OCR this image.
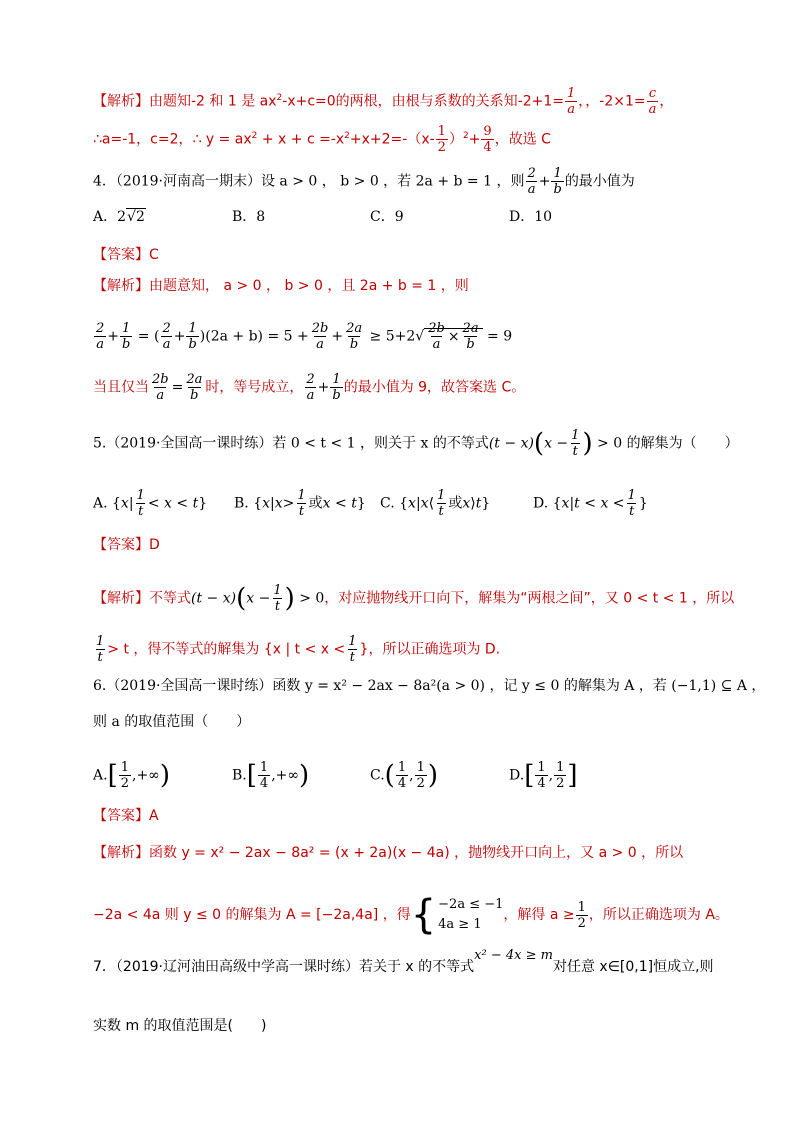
【解析】由题知-2 和 1 是 $ax^2-x+c=0$的两根，由根与系数的关系知$-2+1= \frac{1}{a}$ ，，$-2\times 1= \frac{c}{a}$ ，
∴a=-1，c=2，∴ $y = ax^2 + x + c =-x^2+x+2=-(x- \frac{1}{2} )^2+ \frac{9}{4}$ ，故选 C
4．（2019·河南高一期末）设 a > 0 ， b > 0 ，若 2a + b = 1 ，则 $\frac{2}{a} + \frac{1}{b}$ 的最小值为
A．2√2	B．8	C．9	D．10
【答案】C
【解析】由题意知， a > 0 ， b > 0 ，且 2a + b = 1 ，则
$\frac{2}{a} + \frac{1}{b}$ = ( $\frac{2}{a} + \frac{1}{b} )(2a + b) = 5 + \frac{2b}{a} + \frac{2a}{b} \ge 5+2√ \frac{2b}{a} \times \frac{2a}{b} = 9$
当且仅当 $\frac{2b}{a} = \frac{2a}{b}$ 时，等号成立， $\frac{2}{a} + \frac{1}{b}$ 的最小值为 9，故答案选 C。
5.（2019·全国高一课时练）若 0 < t < 1 ，则关于 x 的不等式$(t - x)(x - \frac{1}{t}$ ) > 0 的解集为（　　）
A. $\{x| \frac{1}{t} < x < t\}$ B. {$x|x> \frac{1}{t}$ 或x < t} C. {x|x⟨ $\frac{1}{t}$ 或x⟩t}	D. {$x|t < x < \frac{1}{t}$ }
【答案】D
【解析】不等式$(t - x)(x - \frac{1}{t}$ ) > 0，对应抛物线开口向下，解集为“两根之间”，又 0 < t < 1 ，所以
$\frac{1}{t} > t$ ，得不等式的解集为 {x | $t < x < \frac{1}{t}$ }，所以正确选项为 D.
6.（2019·全国高一课时练）函数 y = x² − 2ax − 8a²(a > 0) ，记 y ≤ 0 的解集为 A ，若 (−1,1) ⊆ A ，
则 a 的取值范围（　　）
$A.[ \frac{1}{2}$ ,+∞)	$B.[ \frac{1}{4}$ ,+∞)	$C.( \frac{1}{4}$ , $\frac{1}{2}$ )	$D.[ \frac{1}{4}$ , $\frac{1}{2}$ ]
【答案】A
【解析】函数 y = x² − 2ax − 8a² = (x + 2a)(x − 4a) ，抛物线开口向上，又 a > 0 ，所以
−2a < 4a 则 y ≤ 0 的解集为 A = [−2a,4a] ，得 { −2a ≤ −1
4a ≥ 1
，解得 $a \ge \frac{1}{2}$ ，所以正确选项为 A。
7．（2019·辽河油田高级中学高一课时练）若关于 x 的不等式x² − 4x ≥ m对任意 x∈[0,1]恒成立,则
实数 m 的取值范围是(　　)
